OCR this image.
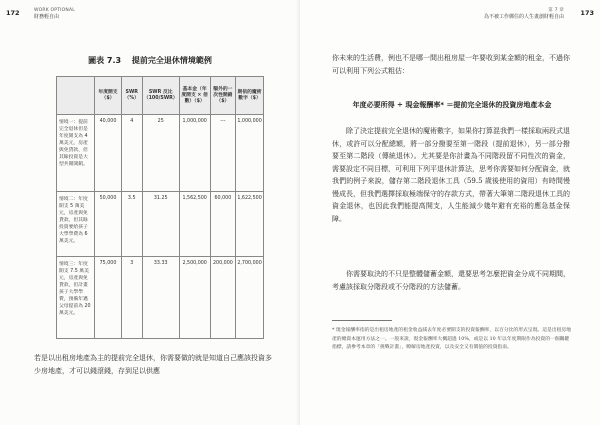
172	WORK OPTIONAL
財務輕自由
圖表 7.3 提前完全退休情境範例
	年度開支（$）	SWR（%）	SWR 反比（100/SWR）	基本金（年度開支 × 倍數）（$）	額外的一次性開銷（$）	期依的魔術數字（$）
情境一：提前完全退休但是年度開支為 4 萬美元，房產與免貸款，但其餘投資是大型共開開銷。	40,000	4	25	1,000,000	---	1,000,000
情境二：年度開支 5 萬美元，房產與免貸款，但其餘投資要給孩子大學學費為 6 萬美元。	50,000	3.5	31.25	1,562,500	60,000	1,622,500
情境三：年度開支 7.5 萬美元，房產與免貸款，但計畫孩子大學學費，預備年邁父母提前為 20 萬美元。	75,000	3	33.33	2,500,000	200,000	2,700,000
若是以出租房地產為主的提前完全退休，你需要做的就是知道自己應該投資多少房地產，才可以錢滾錢，存到足以供應
173
第 7 章
為不被工作綁住的人生畫創財輕自由
你未來的生活費，例也不是哪一間出租房屋一年要收到某金額的租金，不過你可以利用下列公式粗估：
年度必要所得 ÷ 現金報酬率* ＝提前完全退休的投資房地產本金
除了決定提前完全退休的魔術數字，如果你打算混我們一樣採取兩段式退休，或許可以分配總額，將一部分撥要至第一階段（提前退休），另一部分撥要至第二階段（傳統退休）。尤其要是你計畫為不同階段留不同性次的資金，需要設定不同目標，可利用下列平退休計算法，思考你需要如何分配資金，就我們的例子來說，儲存第二階段退休工具（59.5 歲後使用的資用）有時間慢慢成長，但我們選擇採取極端保守的存款方式，帶著大筆第二階段退休工具的資金退休，也因此我們能提高開支，人生能減少幾年避有充裕的應急基金保障。
你需要取決的不只是整體儲蓄金額，還要思考怎麼把資金分成不同期間，考慮該採取分階段或不分階段的方法儲蓄。
* 現金報酬率指的是出租房地產的租金收益減去年度必要開支的投資報酬率，以百分比的形式呈現。這是出租房地產的總資本運用方法之一。一般來說，現金報酬率大概超過 10%，或是以 10 年以年度期限作為投資的一個關鍵指標，請參考本章的「挑戰計畫」，瞭解房地產投資，以及安全又有價值的投資指南。
